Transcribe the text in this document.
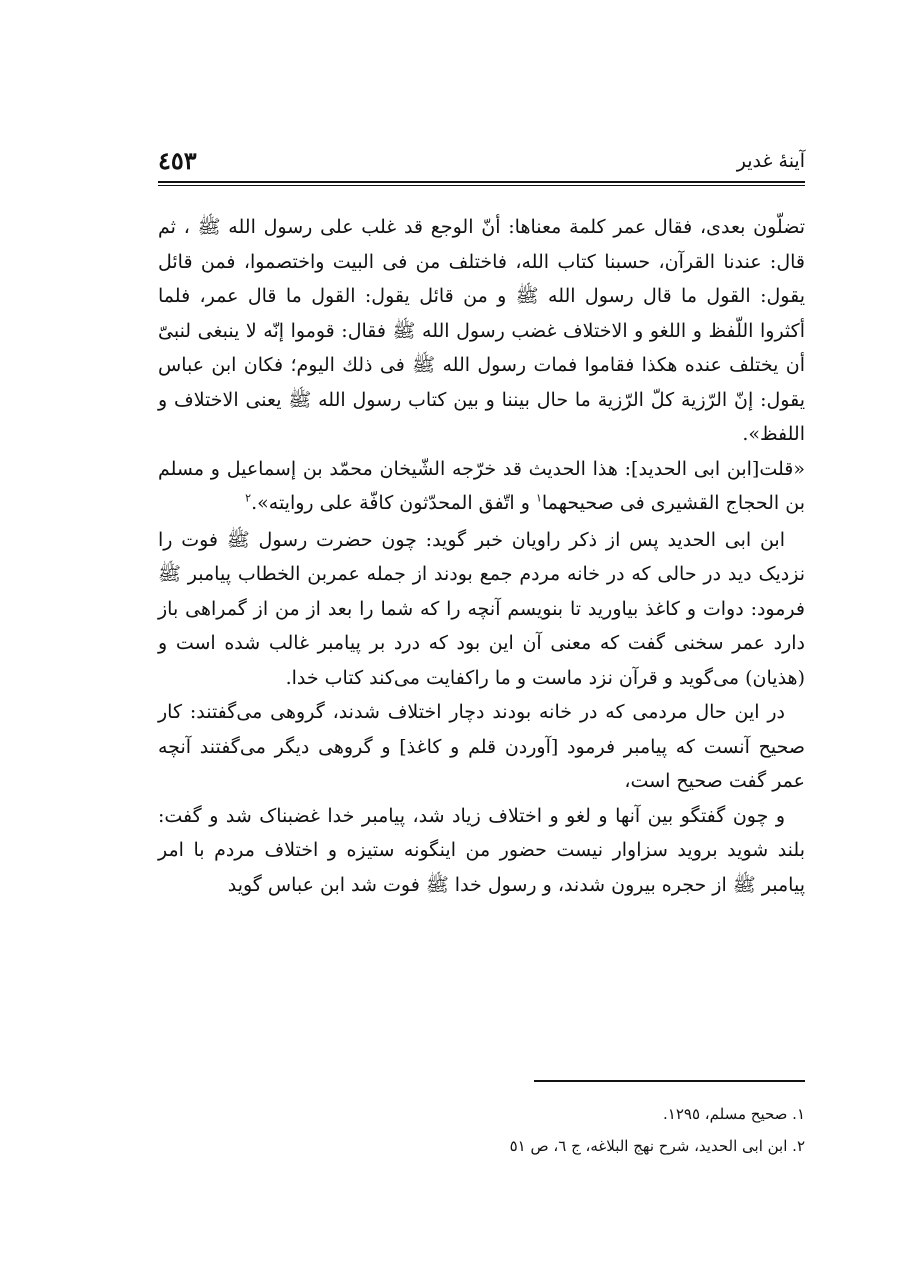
آینهٔ غدیر
٤٥٣

تضلّون بعدی، فقال عمر کلمة معناها: أنّ الوجع قد غلب علی رسول الله ﷺ ، ثم قال: عندنا القرآن، حسبنا کتاب الله، فاختلف من فی البیت واختصموا، فمن قائل یقول: القول ما قال رسول الله ﷺ و من قائل یقول: القول ما قال عمر، فلما أکثروا اللّفظ و اللغو و الاختلاف غضب رسول الله ﷺ فقال: قوموا إنّه لا ینبغی لنبیّ أن یختلف عنده هکذا فقاموا فمات رسول الله ﷺ فی ذلك الیوم؛ فکان ابن عباس یقول: إنّ الرّزیة کلّ الرّزیة ما حال بیننا و بین کتاب رسول الله ﷺ یعنی الاختلاف و اللفظ».

«قلت[ابن ابی الحدید]: هذا الحدیث قد خرّجه الشّیخان محمّد بن إسماعیل و مسلم بن الحجاج القشیری فی صحیحهما$^١$ و اتّفق المحدّثون کافّة علی روایته».$^٢$

ابن ابی الحدید پس از ذکر راویان خبر گوید: چون حضرت رسول ﷺ فوت را نزدیک دید در حالی که در خانه مردم جمع بودند از جمله عمربن الخطاب پیامبر ﷺ فرمود: دوات و کاغذ بیاورید تا بنویسم آنچه را که شما را بعد از من از گمراهی باز دارد عمر سخنی گفت که معنی آن این بود که درد بر پیامبر غالب شده است و (هذیان) می‌گوید و قرآن نزد ماست و ما راکفایت می‌کند کتاب خدا.

در این حال مردمی که در خانه بودند دچار اختلاف شدند، گروهی می‌گفتند: کار صحیح آنست که پیامبر فرمود [آوردن قلم و کاغذ] و گروهی دیگر می‌گفتند آنچه عمر گفت صحیح است،

و چون گفتگو بین آنها و لغو و اختلاف زیاد شد، پیامبر خدا غضبناک شد و گفت: بلند شوید بروید سزاوار نیست حضور من اینگونه ستیزه و اختلاف مردم با امر پیامبر ﷺ از حجره بیرون شدند، و رسول خدا ﷺ فوت شد ابن عباس گوید

١. صحیح مسلم، ١٢٩٥.

٢. ابن ابی الحدید، شرح نهج البلاغه، ج ٦، ص ٥١
